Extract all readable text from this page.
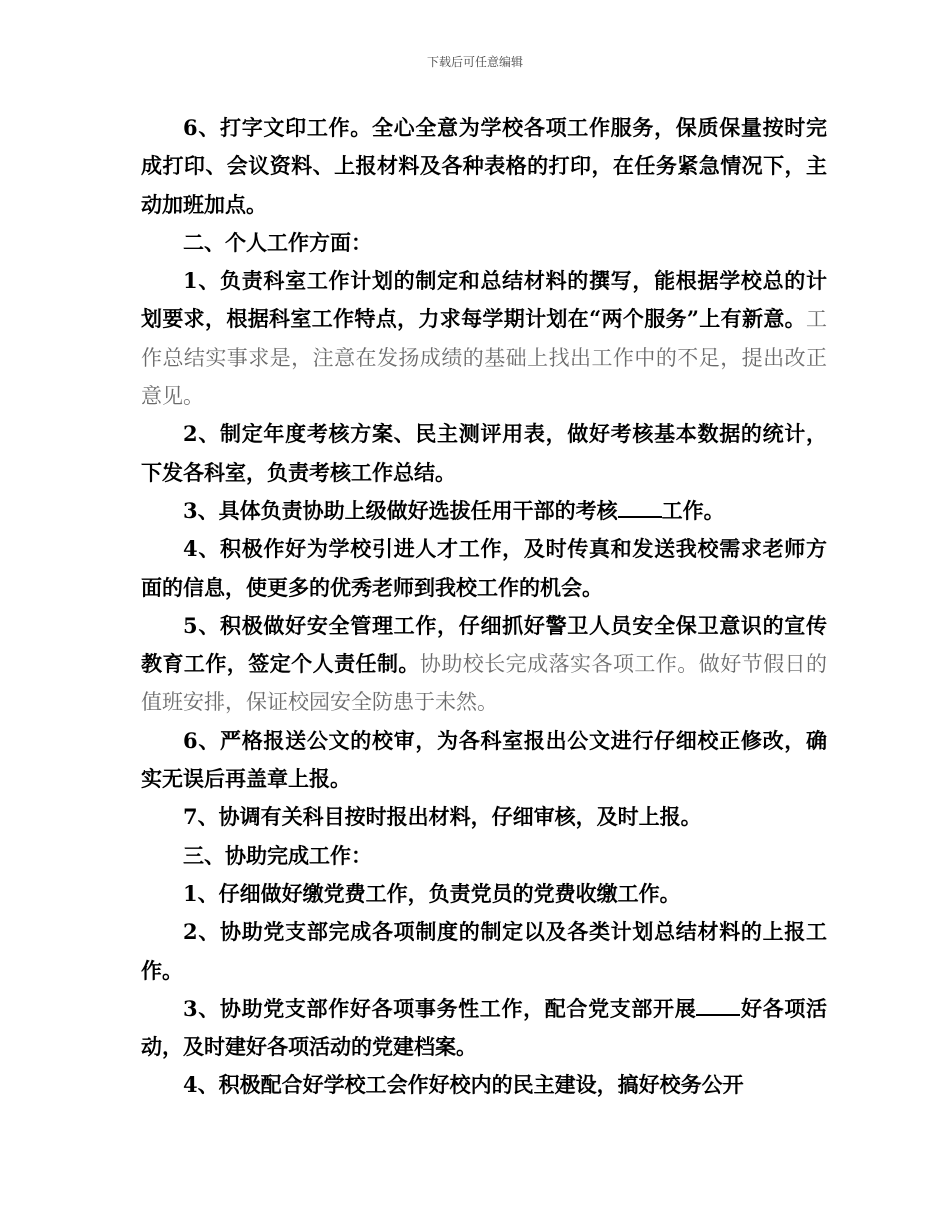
下载后可任意编辑

6、打字文印工作。全心全意为学校各项工作服务，保质保量按时完成打印、会议资料、上报材料及各种表格的打印，在任务紧急情况下，主动加班加点。

二、个人工作方面：

1、负责科室工作计划的制定和总结材料的撰写，能根据学校总的计划要求，根据科室工作特点，力求每学期计划在“两个服务”上有新意。工作总结实事求是，注意在发扬成绩的基础上找出工作中的不足，提出改正意见。

2、制定年度考核方案、民主测评用表，做好考核基本数据的统计，下发各科室，负责考核工作总结。

3、具体负责协助上级做好选拔任用干部的考核 工作。

4、积极作好为学校引进人才工作，及时传真和发送我校需求老师方面的信息，使更多的优秀老师到我校工作的机会。

5、积极做好安全管理工作，仔细抓好警卫人员安全保卫意识的宣传教育工作，签定个人责任制。协助校长完成落实各项工作。做好节假日的值班安排，保证校园安全防患于未然。

6、严格报送公文的校审，为各科室报出公文进行仔细校正修改，确实无误后再盖章上报。

7、协调有关科目按时报出材料，仔细审核，及时上报。

三、协助完成工作：

1、仔细做好缴党费工作，负责党员的党费收缴工作。

2、协助党支部完成各项制度的制定以及各类计划总结材料的上报工作。

3、协助党支部作好各项事务性工作，配合党支部开展 好各项活动，及时建好各项活动的党建档案。

4、积极配合好学校工会作好校内的民主建设，搞好校务公开
